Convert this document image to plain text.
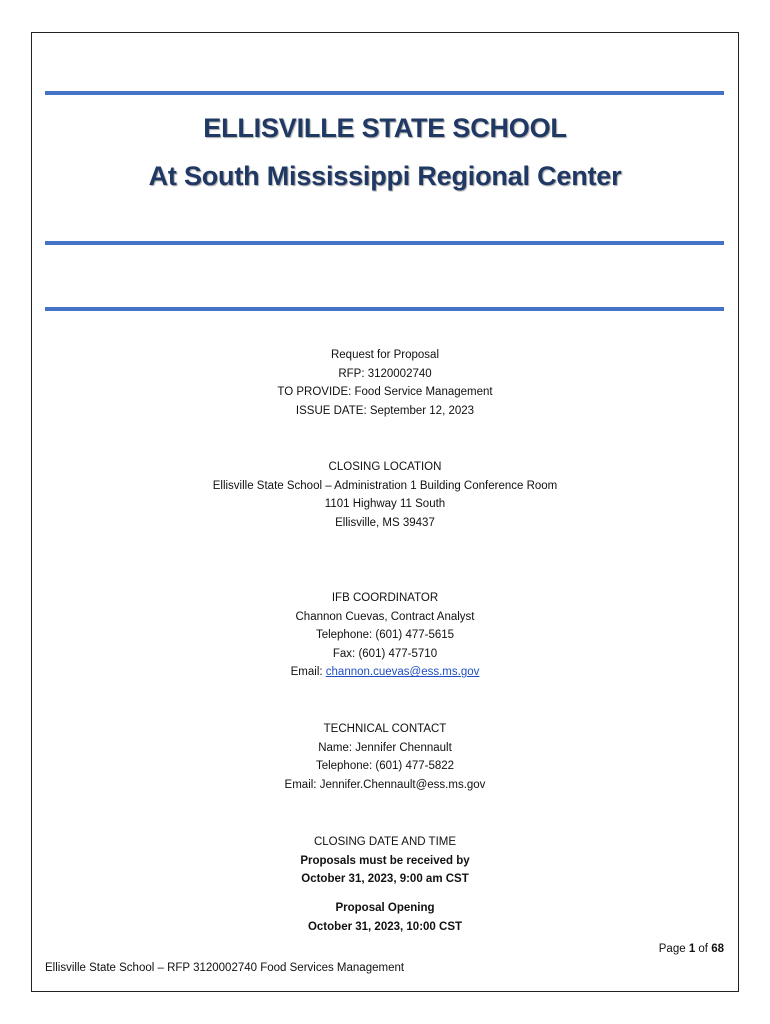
ELLISVILLE STATE SCHOOL
At South Mississippi Regional Center
Request for Proposal
RFP: 3120002740
TO PROVIDE: Food Service Management
ISSUE DATE: September 12, 2023
CLOSING LOCATION
Ellisville State School – Administration 1 Building Conference Room
1101 Highway 11 South
Ellisville, MS 39437
IFB COORDINATOR
Channon Cuevas, Contract Analyst
Telephone: (601) 477-5615
Fax: (601) 477-5710
Email: channon.cuevas@ess.ms.gov
TECHNICAL CONTACT
Name: Jennifer Chennault
Telephone: (601) 477-5822
Email: Jennifer.Chennault@ess.ms.gov
CLOSING DATE AND TIME
Proposals must be received by
October 31, 2023, 9:00 am CST
Proposal Opening
October 31, 2023, 10:00 CST
Page 1 of 68
Ellisville State School – RFP 3120002740 Food Services Management
